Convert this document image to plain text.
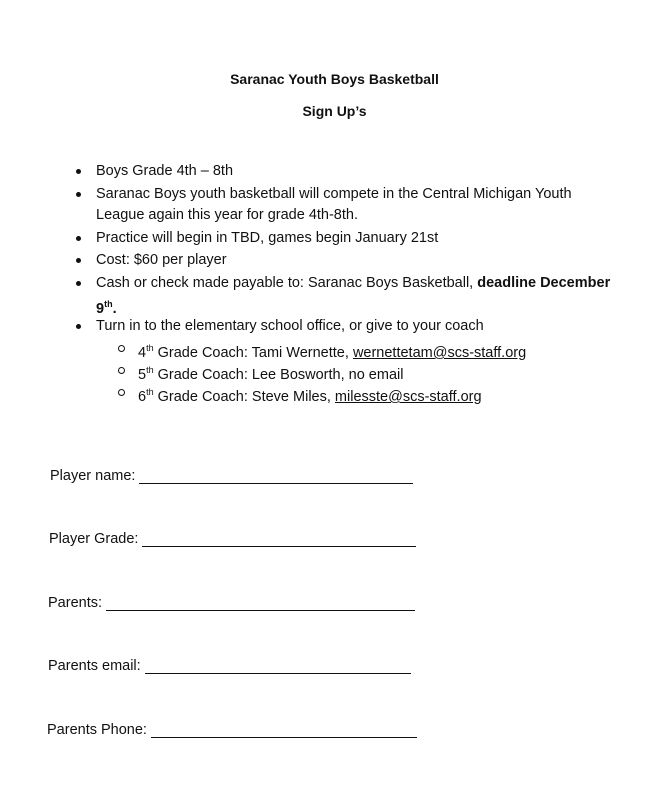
Saranac Youth Boys Basketball
Sign Up’s
Boys Grade 4th – 8th
Saranac Boys youth basketball will compete in the Central Michigan Youth League again this year for grade 4th-8th.
Practice will begin in TBD, games begin January 21st
Cost: $60 per player
Cash or check made payable to: Saranac Boys Basketball, deadline December 9th.
Turn in to the elementary school office, or give to your coach
4th Grade Coach: Tami Wernette, wernettetam@scs-staff.org
5th Grade Coach: Lee Bosworth, no email
6th Grade Coach: Steve Miles, milesste@scs-staff.org
Player name:
Player Grade:
Parents:
Parents email:
Parents Phone:
